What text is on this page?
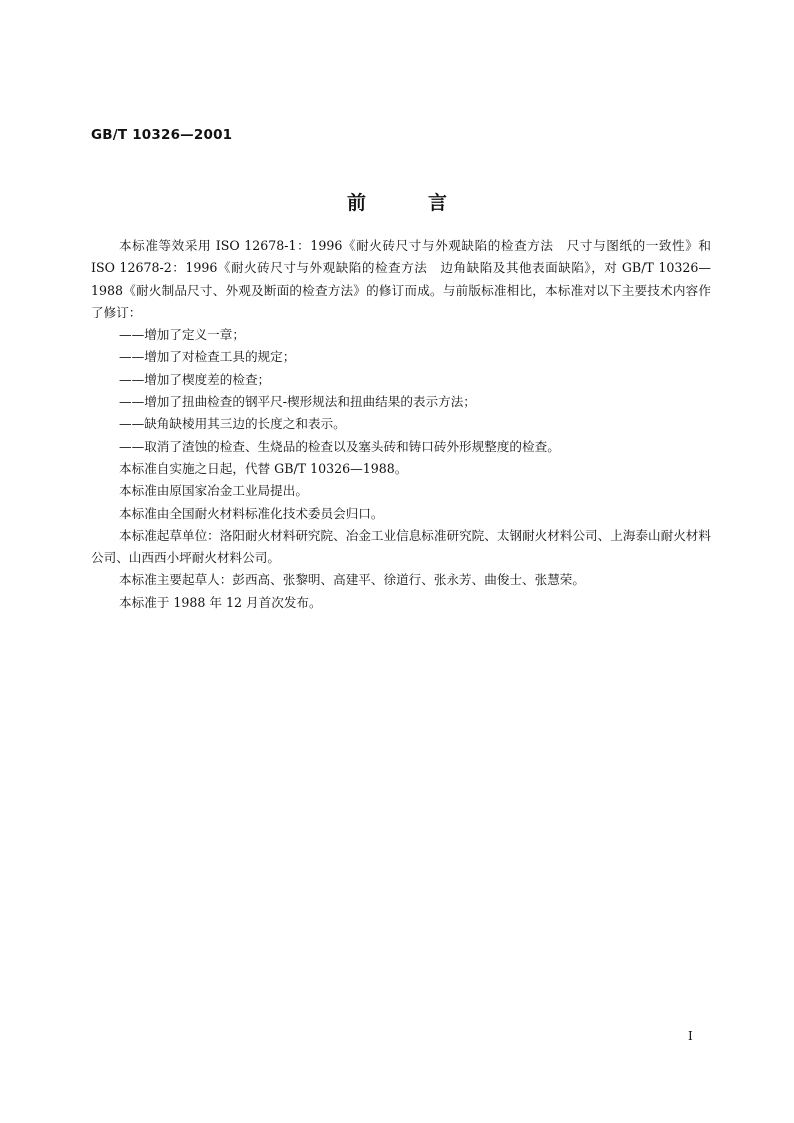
GB/T 10326—2001
前	言

本标准等效采用 ISO 12678-1：1996《耐火砖尺寸与外观缺陷的检查方法　尺寸与图纸的一致性》和 ISO 12678-2：1996《耐火砖尺寸与外观缺陷的检查方法　边角缺陷及其他表面缺陷》，对 GB/T 10326—1988《耐火制品尺寸、外观及断面的检查方法》的修订而成。与前版标准相比，本标准对以下主要技术内容作了修订：

——增加了定义一章；

——增加了对检查工具的规定；

——增加了楔度差的检查；

——增加了扭曲检查的钢平尺-楔形规法和扭曲结果的表示方法；

——缺角缺棱用其三边的长度之和表示。

——取消了渣蚀的检查、生烧品的检查以及塞头砖和铸口砖外形规整度的检查。

本标准自实施之日起，代替 GB/T 10326—1988。

本标准由原国家冶金工业局提出。

本标准由全国耐火材料标准化技术委员会归口。

本标准起草单位：洛阳耐火材料研究院、冶金工业信息标准研究院、太钢耐火材料公司、上海泰山耐火材料公司、山西西小坪耐火材料公司。

本标准主要起草人：彭西高、张黎明、高建平、徐道行、张永芳、曲俊士、张慧荣。

本标准于 1988 年 12 月首次发布。

I
